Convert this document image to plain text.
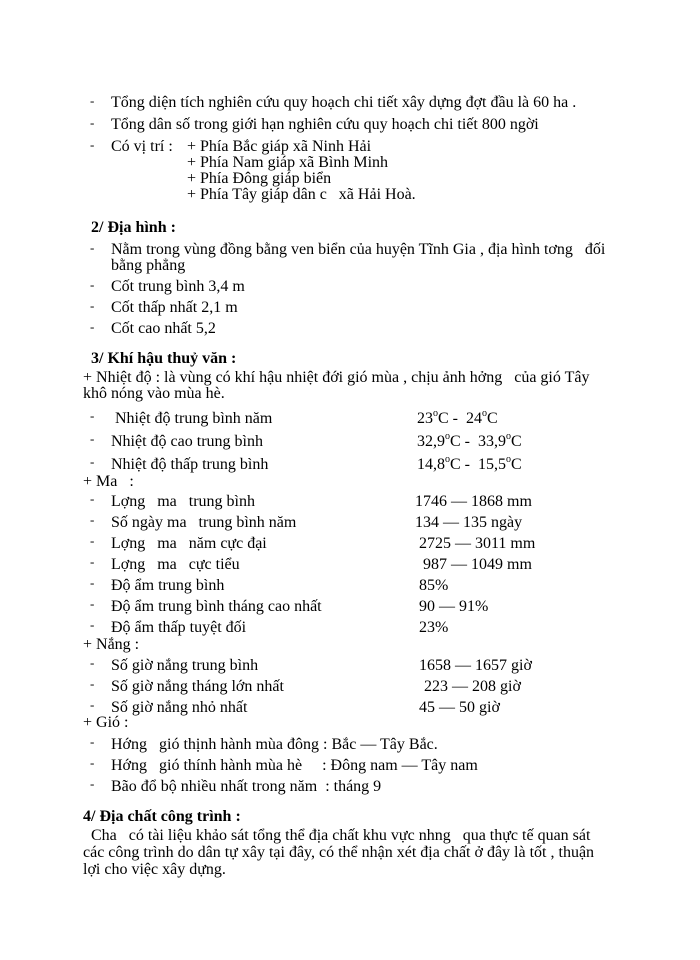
- Tổng diện tích nghiên cứu quy hoạch chi tiết xây dựng đợt đầu là 60 ha .
- Tổng dân số trong giới hạn nghiên cứu quy hoạch chi tiết 800 ngời
- Có vị trí : + Phía Bắc giáp xã Ninh Hải
+ Phía Nam giáp xã Bình Minh
+ Phía Đông giáp biển
+ Phía Tây giáp dân c   xã Hải Hoà.
2/ Địa hình :
- Nằm trong vùng đồng bằng ven biển của huyện Tĩnh Gia , địa hình tơng   đối
bằng phẳng
- Cốt trung bình 3,4 m
- Cốt thấp nhất 2,1 m
- Cốt cao nhất 5,2
3/ Khí hậu thuỷ văn :
+ Nhiệt độ : là vùng có khí hậu nhiệt đới gió mùa , chịu ảnh hởng   của gió Tây
khô nóng vào mùa hè.
- Nhiệt độ trung bình năm	23$^o$C -  24$^o$C
- Nhiệt độ cao trung bình	32,9$^o$C -  33,9$^o$C
- Nhiệt độ thấp trung bình	$14,8^oC - 15,5^oC$
+ Ma   :
- Lợng   ma   trung bình	1746 — 1868 mm
- Số ngày ma   trung bình năm	134 — 135 ngày
- Lợng   ma   năm cực đại	2725 — 3011 mm
- Lợng   ma   cực tiểu	987 — 1049 mm
- Độ ẩm trung bình	85%
- Độ ẩm trung bình tháng cao nhất	90 — 91%
- Độ ẩm thấp tuyệt đối	23%
+ Nắng :
- Số giờ nắng trung bình	1658 — 1657 giờ
- Số giờ nắng tháng lớn nhất	223 — 208 giờ
- Số giờ nắng nhỏ nhất	45 — 50 giờ
+ Gió :
- Hớng   gió thịnh hành mùa đông : Bắc — Tây Bắc.
- Hớng   gió thính hành mùa hè     : Đông nam — Tây nam
- Bão đổ bộ nhiều nhất trong năm  : tháng 9
4/ Địa chất công trình :
Cha   có tài liệu khảo sát tổng thể địa chất khu vực nhng   qua thực tế quan sát
các công trình do dân tự xây tại đây, có thể nhận xét địa chất ở đây là tốt , thuận
lợi cho việc xây dựng.
